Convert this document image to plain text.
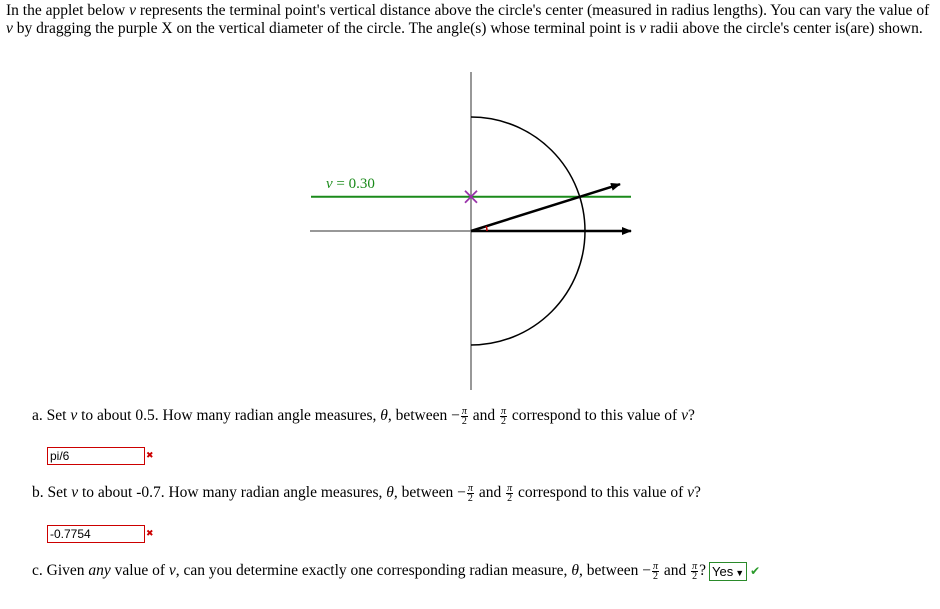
In the applet below v represents the terminal point's vertical distance above the circle's center (measured in radius lengths). You can vary the value of v by dragging the purple X on the vertical diameter of the circle. The angle(s) whose terminal point is v radii above the circle's center is(are) shown.
v = 0.30
a. Set v to about 0.5. How many radian angle measures, θ, between − $\frac{\pi}{2}$ and $\frac{\pi}{2}$ correspond to this value of v?
pi/6	✖
b. Set v to about -0.7. How many radian angle measures, θ, between − $\frac{\pi}{2}$ and $\frac{\pi}{2}$ correspond to this value of v?
-0.7754	✖
c. Given any value of v, can you determine exactly one corresponding radian measure, θ, between − $\frac{\pi}{2}$ and $\frac{\pi}{2}$ ? Yes ▼ ✔
